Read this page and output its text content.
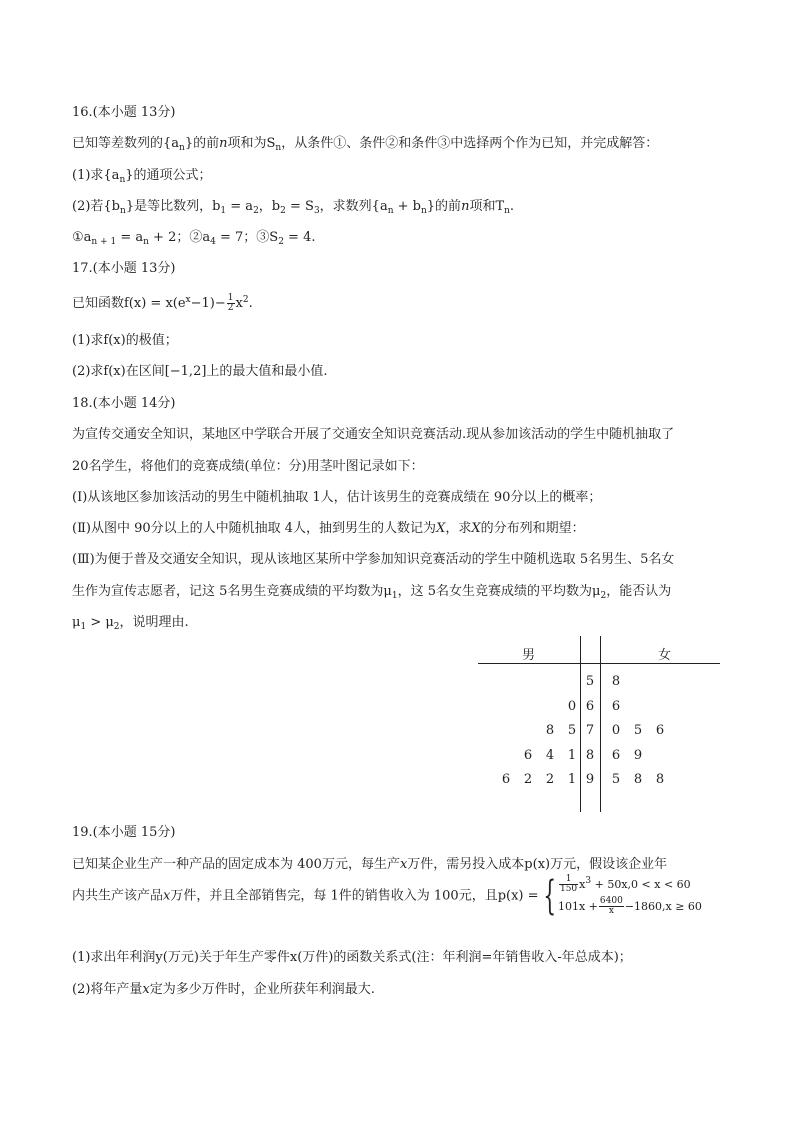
16.(本小题 13分)
已知等差数列的$\{a_n\}$的前n项和为$S_n$，从条件①、条件②和条件③中选择两个作为已知，并完成解答：
(1)求$\{a_n\}$的通项公式；
(2)若$\{b_n\}$是等比数列，$b_1 = a_2$，$b_2 = S_3$，求数列$\{a_n + b_n\}$的前n项和$T_n$.
$①a_{n + 1} = a_n + 2$；$②a_4 = 7$；$③S_2 = 4$.
17.(本小题 13分)
已知函数$f(x) = x(e^x-1)- \frac{1}{2} x^2$.
(1)求f(x)的极值；
(2)求f(x)在区间[−1,2]上的最大值和最小值.
18.(本小题 14分)
为宣传交通安全知识，某地区中学联合开展了交通安全知识竞赛活动.现从参加该活动的学生中随机抽取了
20名学生，将他们的竞赛成绩(单位：分)用茎叶图记录如下：
(Ⅰ)从该地区参加该活动的男生中随机抽取 1人，估计该男生的竞赛成绩在 90分以上的概率；
(Ⅱ)从图中 90分以上的人中随机抽取 4人，抽到男生的人数记为X，求X的分布列和期望：
(Ⅲ)为便于普及交通安全知识，现从该地区某所中学参加知识竞赛活动的学生中随机选取 5名男生、5名女
生作为宣传志愿者，记这 5名男生竞赛成绩的平均数为$\mu_1$，这 5名女生竞赛成绩的平均数为$\mu_2$，能否认为
$\mu_1 > \mu_2$，说明理由.
男	女
5 8
0 6 6
8 5 7 0 5 6
6 4 1 8 6 9
6 2 2 1 9 5 8 8
19.(本小题 15分)
已知某企业生产一种产品的固定成本为 400万元，每生产x万件，需另投入成本p(x)万元，假设该企业年
内共生产该产品x万件，并且全部销售完，每 1件的销售收入为 100元，且p(x) = { $\frac{1}{150} x^3 + 50x,0 < x < 60$
$101x + \frac{6400}{x} -1860,x \ge 60$
(1)求出年利润y(万元)关于年生产零件x(万件)的函数关系式(注：年利润=年销售收入-年总成本)；
(2)将年产量x定为多少万件时，企业所获年利润最大.
